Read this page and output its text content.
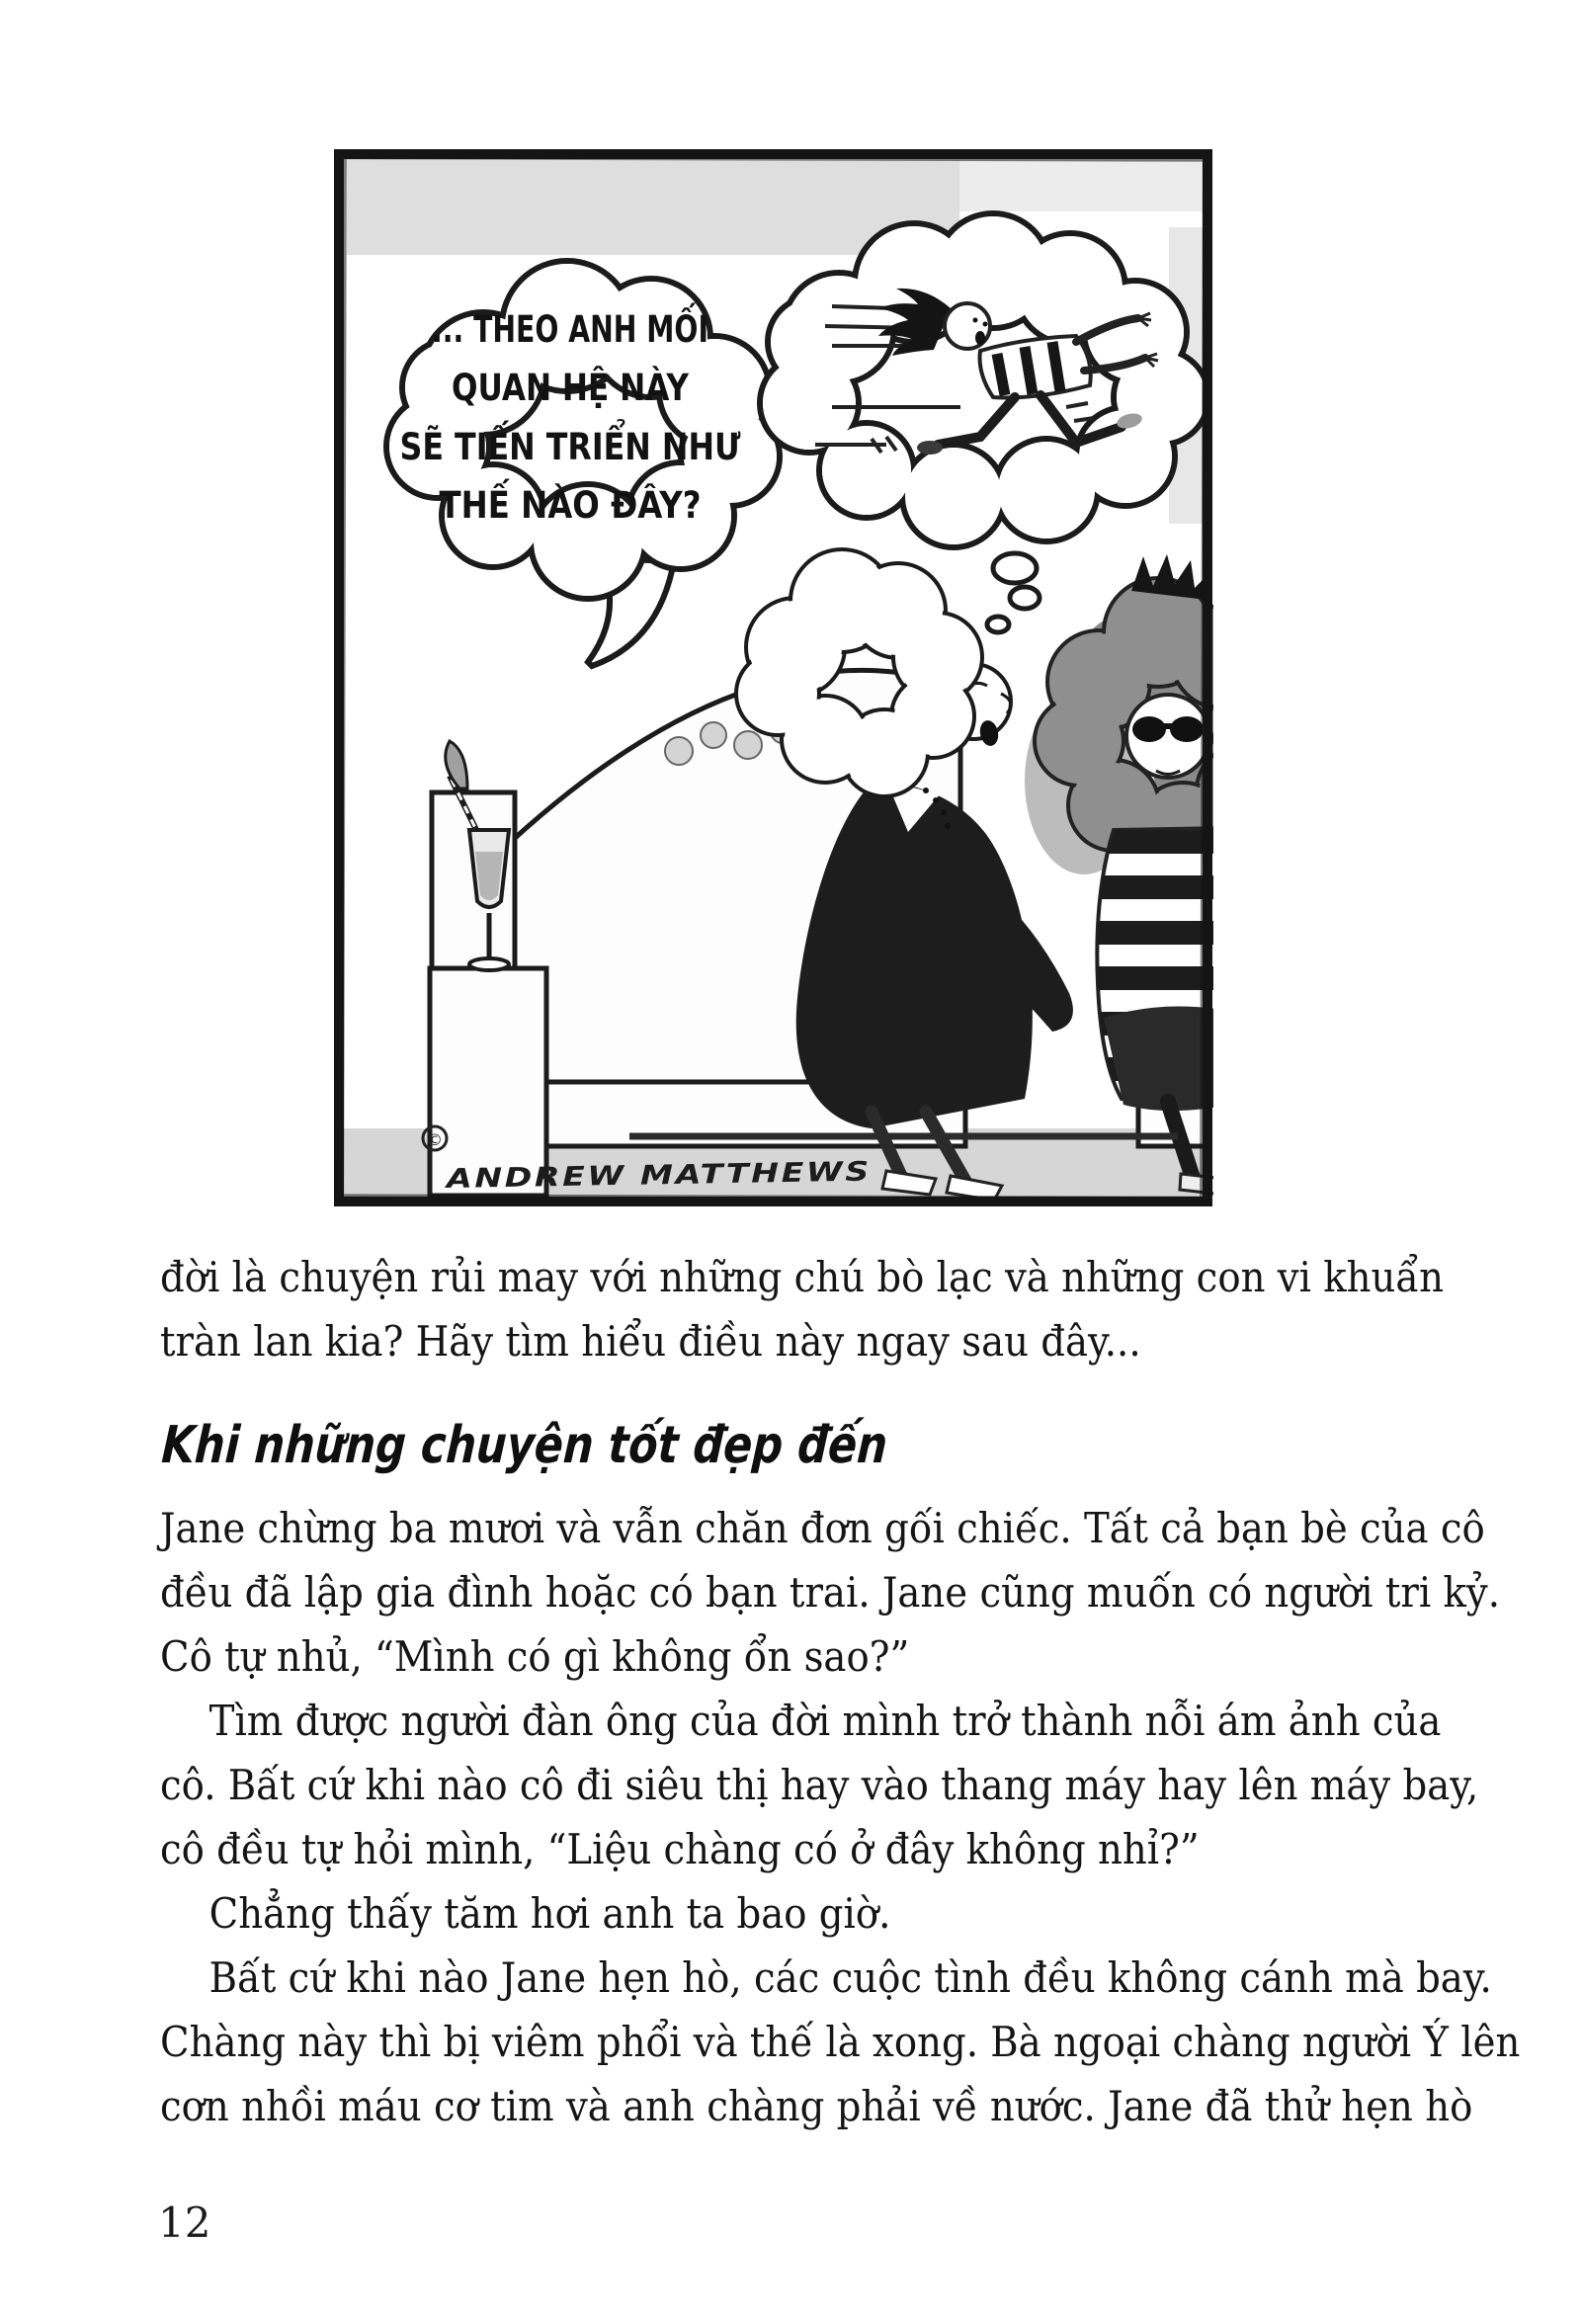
... THEO ANH MỐI
QUAN HỆ NÀY
SẼ TIẾN TRIỂN NHƯ
THẾ NÀO ĐÂY?
©
ANDREW MATTHEWS

đời là chuyện rủi may với những chú bò lạc và những con vi khuẩn

tràn lan kia? Hãy tìm hiểu điều này ngay sau đây...

Khi những chuyện tốt đẹp đến

Jane chừng ba mươi và vẫn chăn đơn gối chiếc. Tất cả bạn bè của cô

đều đã lập gia đình hoặc có bạn trai. Jane cũng muốn có người tri kỷ.

Cô tự nhủ, “Mình có gì không ổn sao?”

Tìm được người đàn ông của đời mình trở thành nỗi ám ảnh của

cô. Bất cứ khi nào cô đi siêu thị hay vào thang máy hay lên máy bay,

cô đều tự hỏi mình, “Liệu chàng có ở đây không nhỉ?”

Chẳng thấy tăm hơi anh ta bao giờ.

Bất cứ khi nào Jane hẹn hò, các cuộc tình đều không cánh mà bay.

Chàng này thì bị viêm phổi và thế là xong. Bà ngoại chàng người Ý lên

cơn nhồi máu cơ tim và anh chàng phải về nước. Jane đã thử hẹn hò

12
